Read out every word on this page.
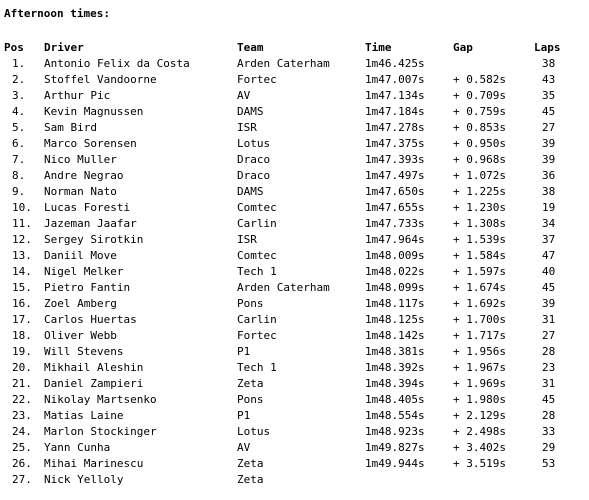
Afternoon times:
Pos	Driver	Team	Time	Gap	Laps
1.	Antonio Felix da Costa	Arden Caterham	1m46.425s		38
2.	Stoffel Vandoorne	Fortec	1m47.007s	+ 0.582s	43
3.	Arthur Pic	AV	1m47.134s	+ 0.709s	35
4.	Kevin Magnussen	DAMS	1m47.184s	+ 0.759s	45
5.	Sam Bird	ISR	1m47.278s	+ 0.853s	27
6.	Marco Sorensen	Lotus	1m47.375s	+ 0.950s	39
7.	Nico Muller	Draco	1m47.393s	+ 0.968s	39
8.	Andre Negrao	Draco	1m47.497s	+ 1.072s	36
9.	Norman Nato	DAMS	1m47.650s	+ 1.225s	38
10.	Lucas Foresti	Comtec	1m47.655s	+ 1.230s	19
11.	Jazeman Jaafar	Carlin	1m47.733s	+ 1.308s	34
12.	Sergey Sirotkin	ISR	1m47.964s	+ 1.539s	37
13.	Daniil Move	Comtec	1m48.009s	+ 1.584s	47
14.	Nigel Melker	Tech 1	1m48.022s	+ 1.597s	40
15.	Pietro Fantin	Arden Caterham	1m48.099s	+ 1.674s	45
16.	Zoel Amberg	Pons	1m48.117s	+ 1.692s	39
17.	Carlos Huertas	Carlin	1m48.125s	+ 1.700s	31
18.	Oliver Webb	Fortec	1m48.142s	+ 1.717s	27
19.	Will Stevens	P1	1m48.381s	+ 1.956s	28
20.	Mikhail Aleshin	Tech 1	1m48.392s	+ 1.967s	23
21.	Daniel Zampieri	Zeta	1m48.394s	+ 1.969s	31
22.	Nikolay Martsenko	Pons	1m48.405s	+ 1.980s	45
23.	Matias Laine	P1	1m48.554s	+ 2.129s	28
24.	Marlon Stockinger	Lotus	1m48.923s	+ 2.498s	33
25.	Yann Cunha	AV	1m49.827s	+ 3.402s	29
26.	Mihai Marinescu	Zeta	1m49.944s	+ 3.519s	53
27.	Nick Yelloly	Zeta			
